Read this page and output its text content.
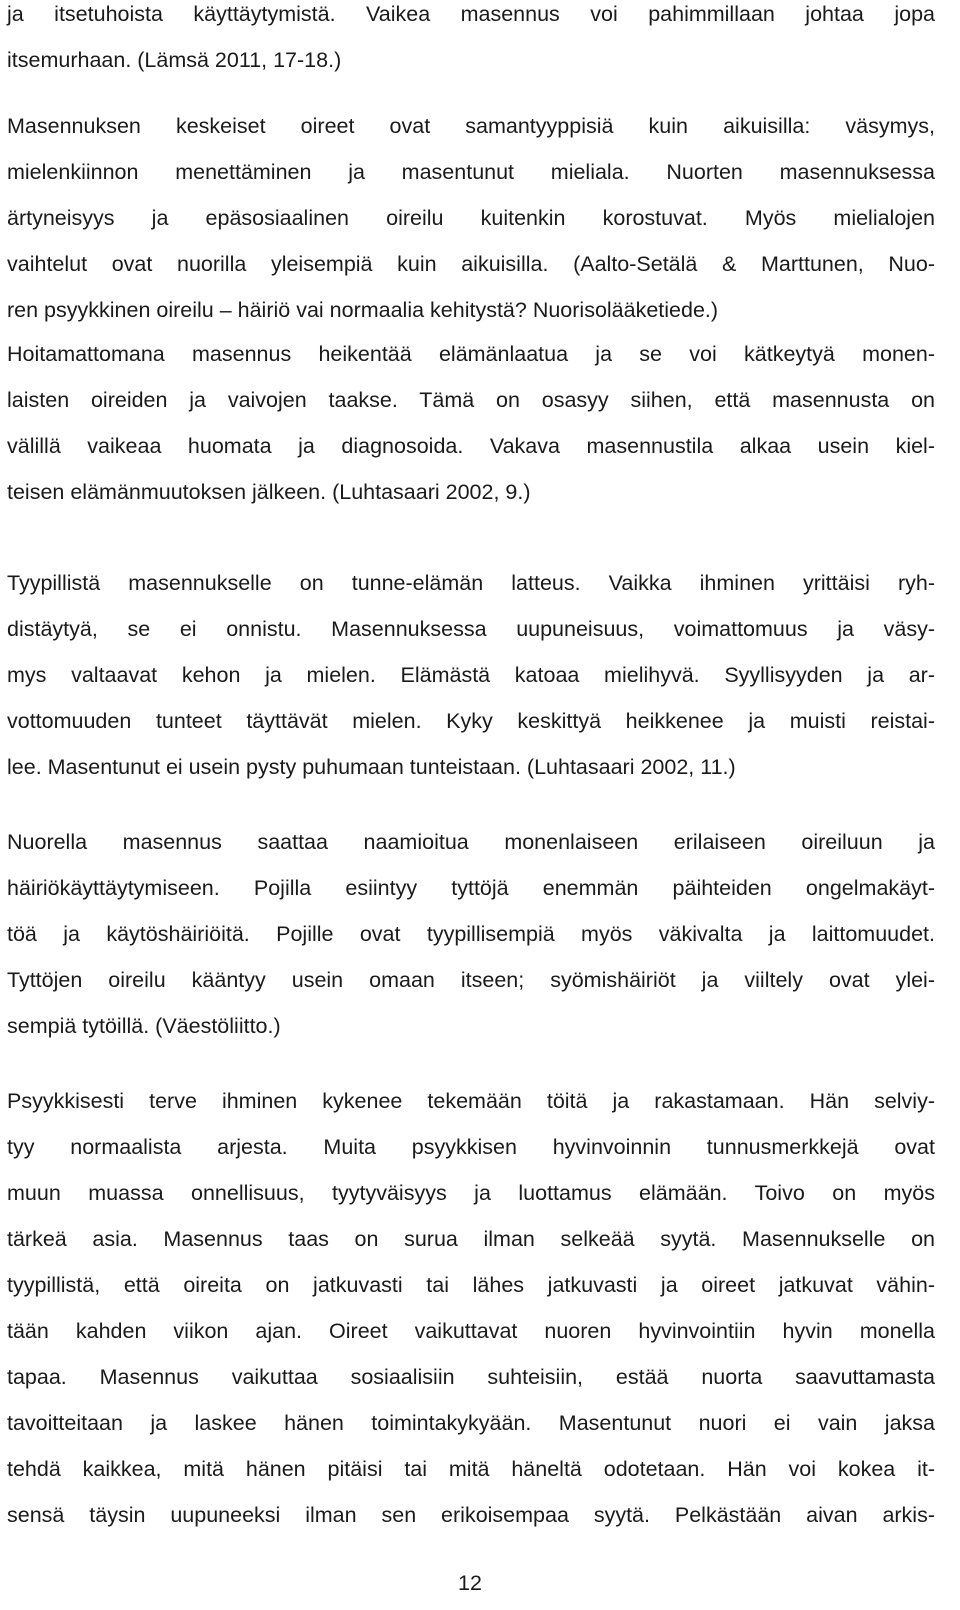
ja itsetuhoista käyttäytymistä. Vaikea masennus voi pahimmillaan johtaa jopa
itsemurhaan. (Lämsä 2011, 17-18.)
Masennuksen keskeiset oireet ovat samantyyppisiä kuin aikuisilla: väsymys,
mielenkiinnon menettäminen ja masentunut mieliala. Nuorten masennuksessa
ärtyneisyys ja epäsosiaalinen oireilu kuitenkin korostuvat. Myös mielialojen
vaihtelut ovat nuorilla yleisempiä kuin aikuisilla. (Aalto-Setälä & Marttunen, Nuo-
ren psyykkinen oireilu – häiriö vai normaalia kehitystä? Nuorisolääketiede.)
Hoitamattomana masennus heikentää elämänlaatua ja se voi kätkeytyä monen-
laisten oireiden ja vaivojen taakse. Tämä on osasyy siihen, että masennusta on
välillä vaikeaa huomata ja diagnosoida. Vakava masennustila alkaa usein kiel-
teisen elämänmuutoksen jälkeen. (Luhtasaari 2002, 9.)
Tyypillistä masennukselle on tunne-elämän latteus. Vaikka ihminen yrittäisi ryh-
distäytyä, se ei onnistu. Masennuksessa uupuneisuus, voimattomuus ja väsy-
mys valtaavat kehon ja mielen. Elämästä katoaa mielihyvä. Syyllisyyden ja ar-
vottomuuden tunteet täyttävät mielen. Kyky keskittyä heikkenee ja muisti reistai-
lee. Masentunut ei usein pysty puhumaan tunteistaan. (Luhtasaari 2002, 11.)
Nuorella masennus saattaa naamioitua monenlaiseen erilaiseen oireiluun ja
häiriökäyttäytymiseen. Pojilla esiintyy tyttöjä enemmän päihteiden ongelmakäyt-
töä ja käytöshäiriöitä. Pojille ovat tyypillisempiä myös väkivalta ja laittomuudet.
Tyttöjen oireilu kääntyy usein omaan itseen; syömishäiriöt ja viiltely ovat ylei-
sempiä tytöillä. (Väestöliitto.)
Psyykkisesti terve ihminen kykenee tekemään töitä ja rakastamaan. Hän selviy-
tyy normaalista arjesta. Muita psyykkisen hyvinvoinnin tunnusmerkkejä ovat
muun muassa onnellisuus, tyytyväisyys ja luottamus elämään. Toivo on myös
tärkeä asia. Masennus taas on surua ilman selkeää syytä. Masennukselle on
tyypillistä, että oireita on jatkuvasti tai lähes jatkuvasti ja oireet jatkuvat vähin-
tään kahden viikon ajan. Oireet vaikuttavat nuoren hyvinvointiin hyvin monella
tapaa. Masennus vaikuttaa sosiaalisiin suhteisiin, estää nuorta saavuttamasta
tavoitteitaan ja laskee hänen toimintakykyään. Masentunut nuori ei vain jaksa
tehdä kaikkea, mitä hänen pitäisi tai mitä häneltä odotetaan. Hän voi kokea it-
sensä täysin uupuneeksi ilman sen erikoisempaa syytä. Pelkästään aivan arkis-
12
